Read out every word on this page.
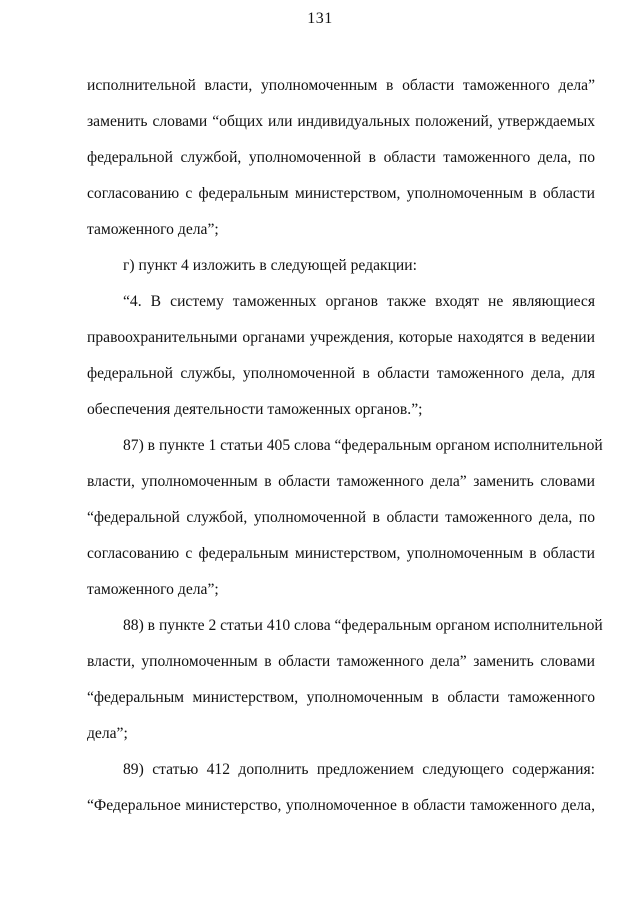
131
исполнительной власти, уполномоченным в области таможенного дела”
заменить словами “общих или индивидуальных положений, утверждаемых
федеральной службой, уполномоченной в области таможенного дела, по
согласованию с федеральным министерством, уполномоченным в области
таможенного дела”;
г) пункт 4 изложить в следующей редакции:
“4. В систему таможенных органов также входят не являющиеся
правоохранительными органами учреждения, которые находятся в ведении
федеральной службы, уполномоченной в области таможенного дела, для
обеспечения деятельности таможенных органов.”;
87) в пункте 1 статьи 405 слова “федеральным органом исполнительной
власти, уполномоченным в области таможенного дела” заменить словами
“федеральной службой, уполномоченной в области таможенного дела, по
согласованию с федеральным министерством, уполномоченным в области
таможенного дела”;
88) в пункте 2 статьи 410 слова “федеральным органом исполнительной
власти, уполномоченным в области таможенного дела” заменить словами
“федеральным министерством, уполномоченным в области таможенного
дела”;
89) статью 412 дополнить предложением следующего содержания:
“Федеральное министерство, уполномоченное в области таможенного дела,
